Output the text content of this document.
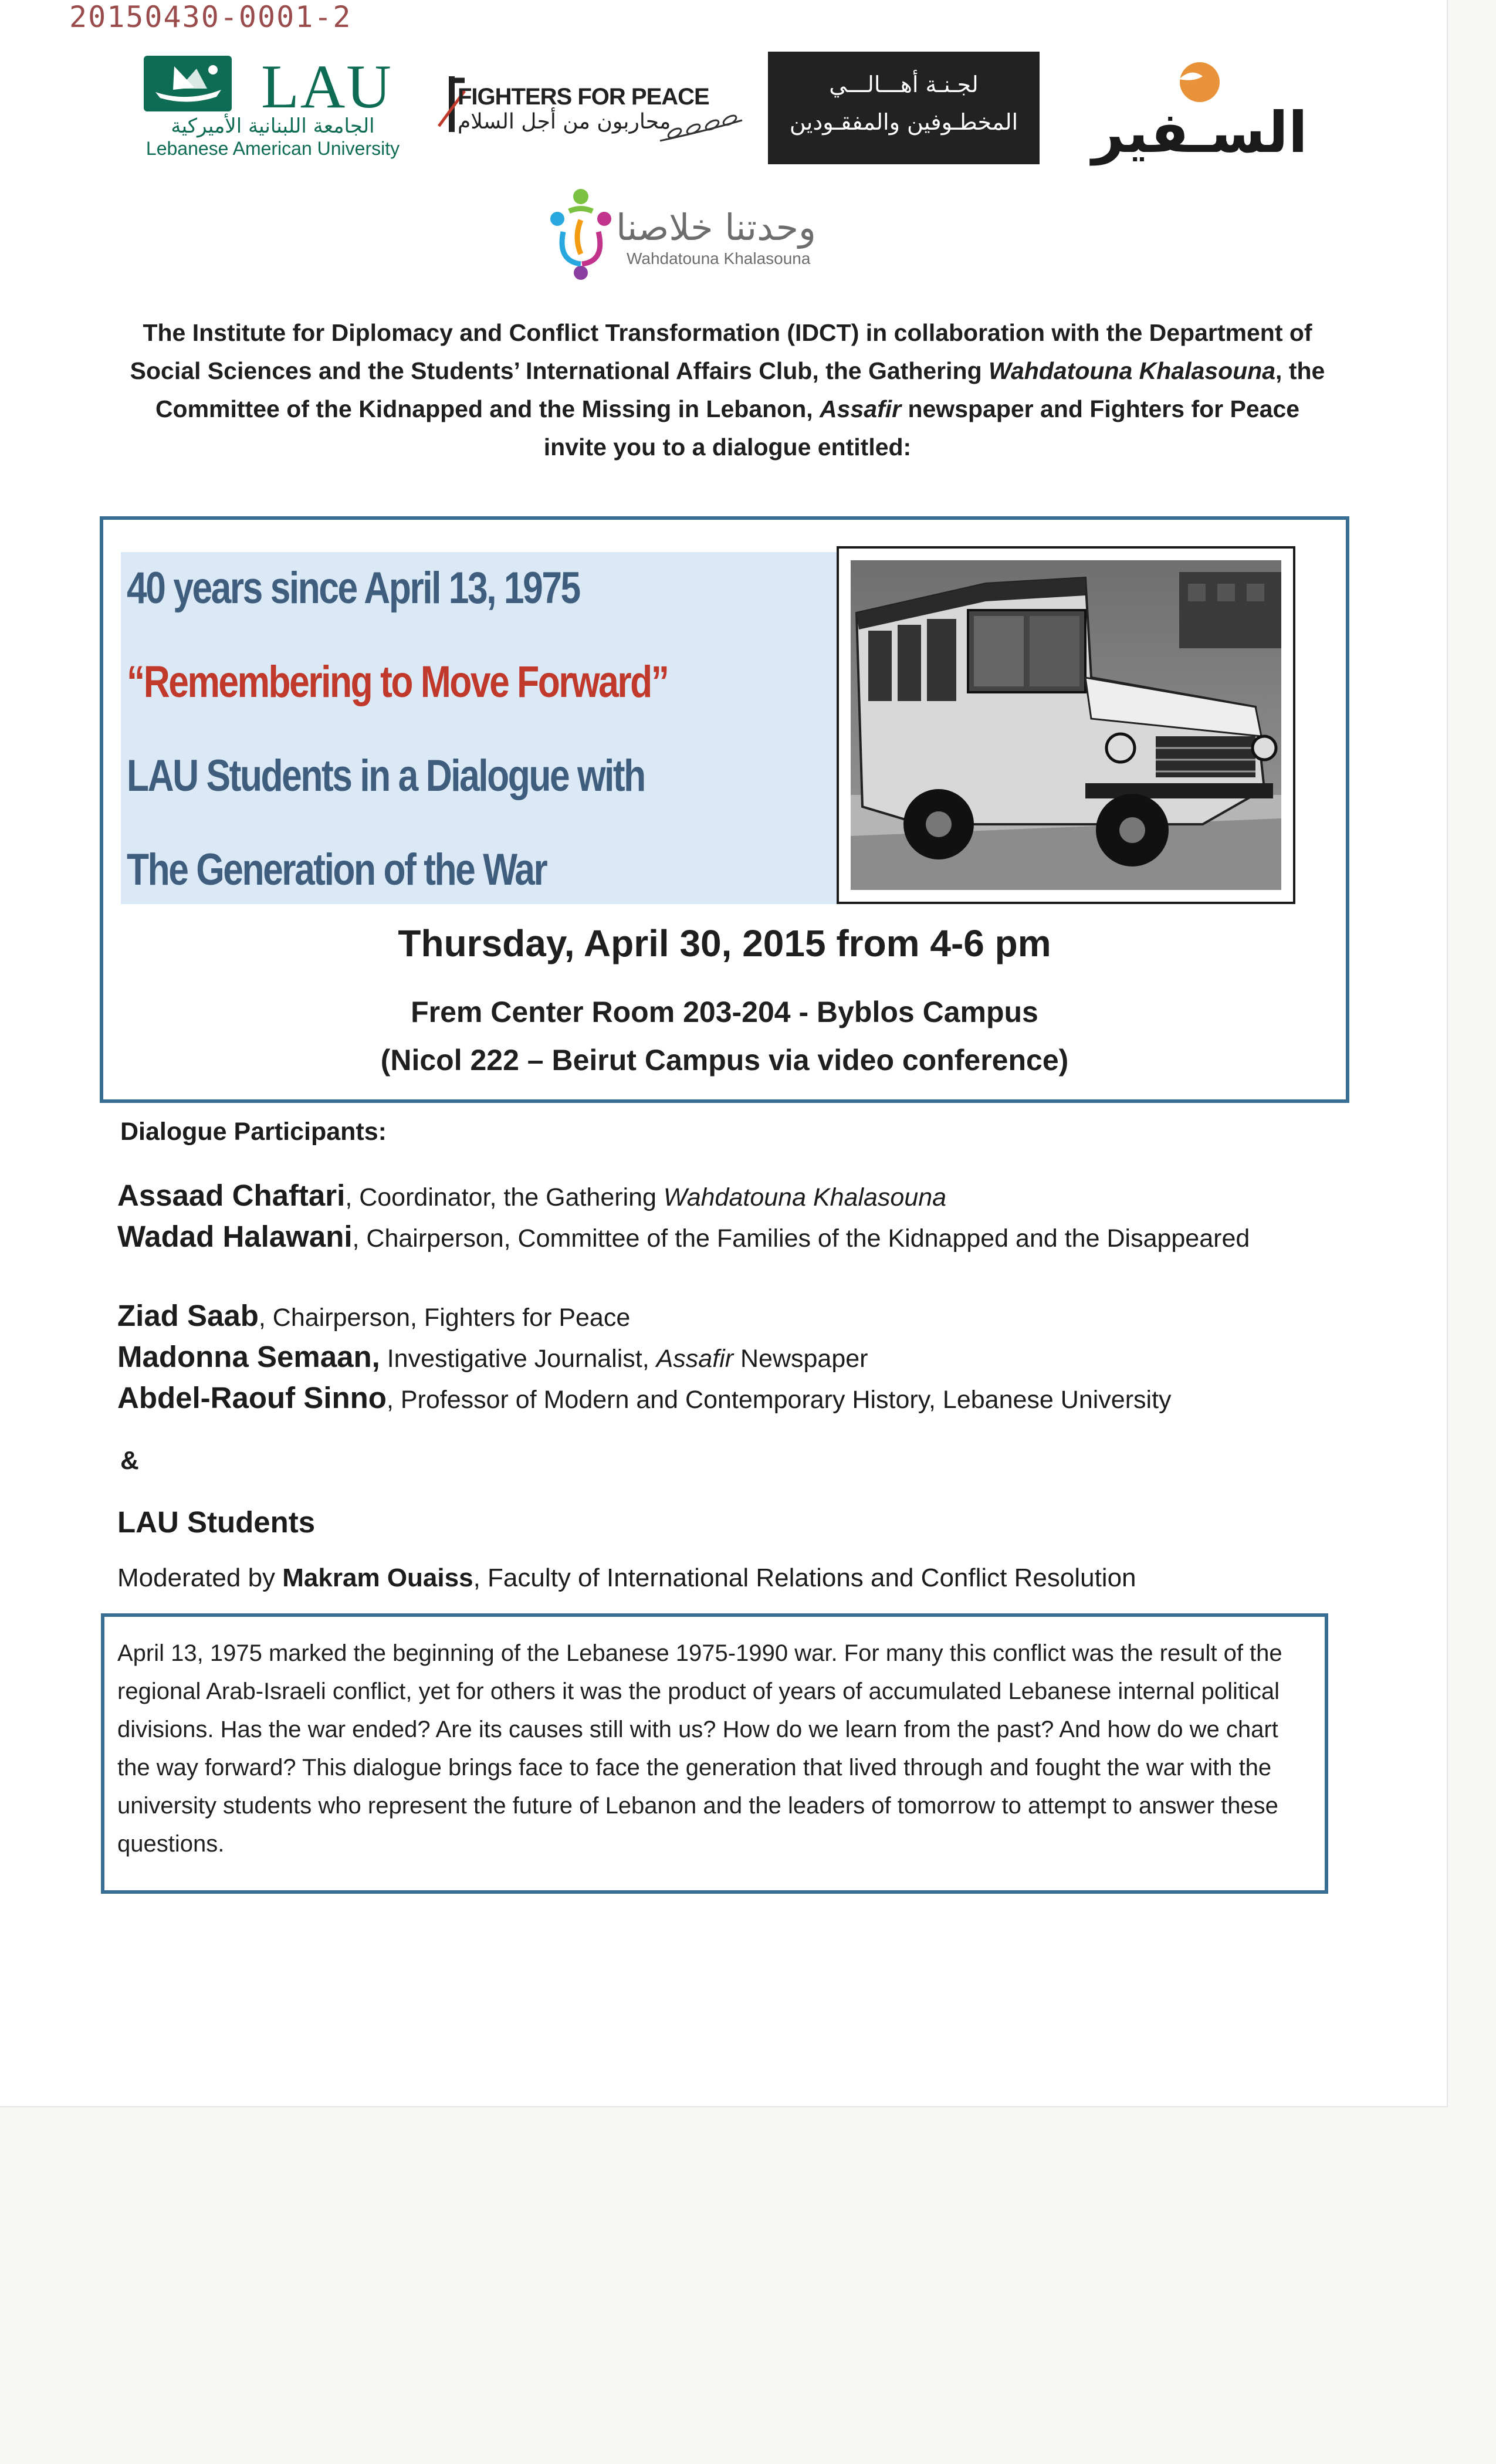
20150430-0001-2
LAU
الجامعة اللبنانية الأميركية
Lebanese American University
FIGHTERS FOR PEACE
محاربون من أجل السلام
لجـنـة أهـــالـــي
المخطـوفين والمفقـودين	السـفير
وحدتنا خلاصنا
Wahdatouna Khalasouna
The Institute for Diplomacy and Conflict Transformation (IDCT) in collaboration with the Department of Social Sciences and the Students’ International Affairs Club, the Gathering Wahdatouna Khalasouna, the Committee of the Kidnapped and the Missing in Lebanon, Assafir newspaper and Fighters for Peace invite you to a dialogue entitled:
40 years since April 13, 1975
“Remembering to Move Forward”
LAU Students in a Dialogue with
The Generation of the War
Thursday, April 30, 2015 from 4-6 pm
Frem Center Room 203-204 - Byblos Campus
(Nicol 222 – Beirut Campus via video conference)
Dialogue Participants:
Assaad Chaftari, Coordinator, the Gathering Wahdatouna Khalasouna
Wadad Halawani, Chairperson, Committee of the Families of the Kidnapped and the Disappeared
Ziad Saab, Chairperson, Fighters for Peace
Madonna Semaan, Investigative Journalist, Assafir Newspaper
Abdel-Raouf Sinno, Professor of Modern and Contemporary History, Lebanese University
&
LAU Students
Moderated by Makram Ouaiss, Faculty of International Relations and Conflict Resolution
April 13, 1975 marked the beginning of the Lebanese 1975-1990 war. For many this conflict was the result of the regional Arab-Israeli conflict, yet for others it was the product of years of accumulated Lebanese internal political divisions. Has the war ended? Are its causes still with us? How do we learn from the past? And how do we chart the way forward? This dialogue brings face to face the generation that lived through and fought the war with the university students who represent the future of Lebanon and the leaders of tomorrow to attempt to answer these questions.
